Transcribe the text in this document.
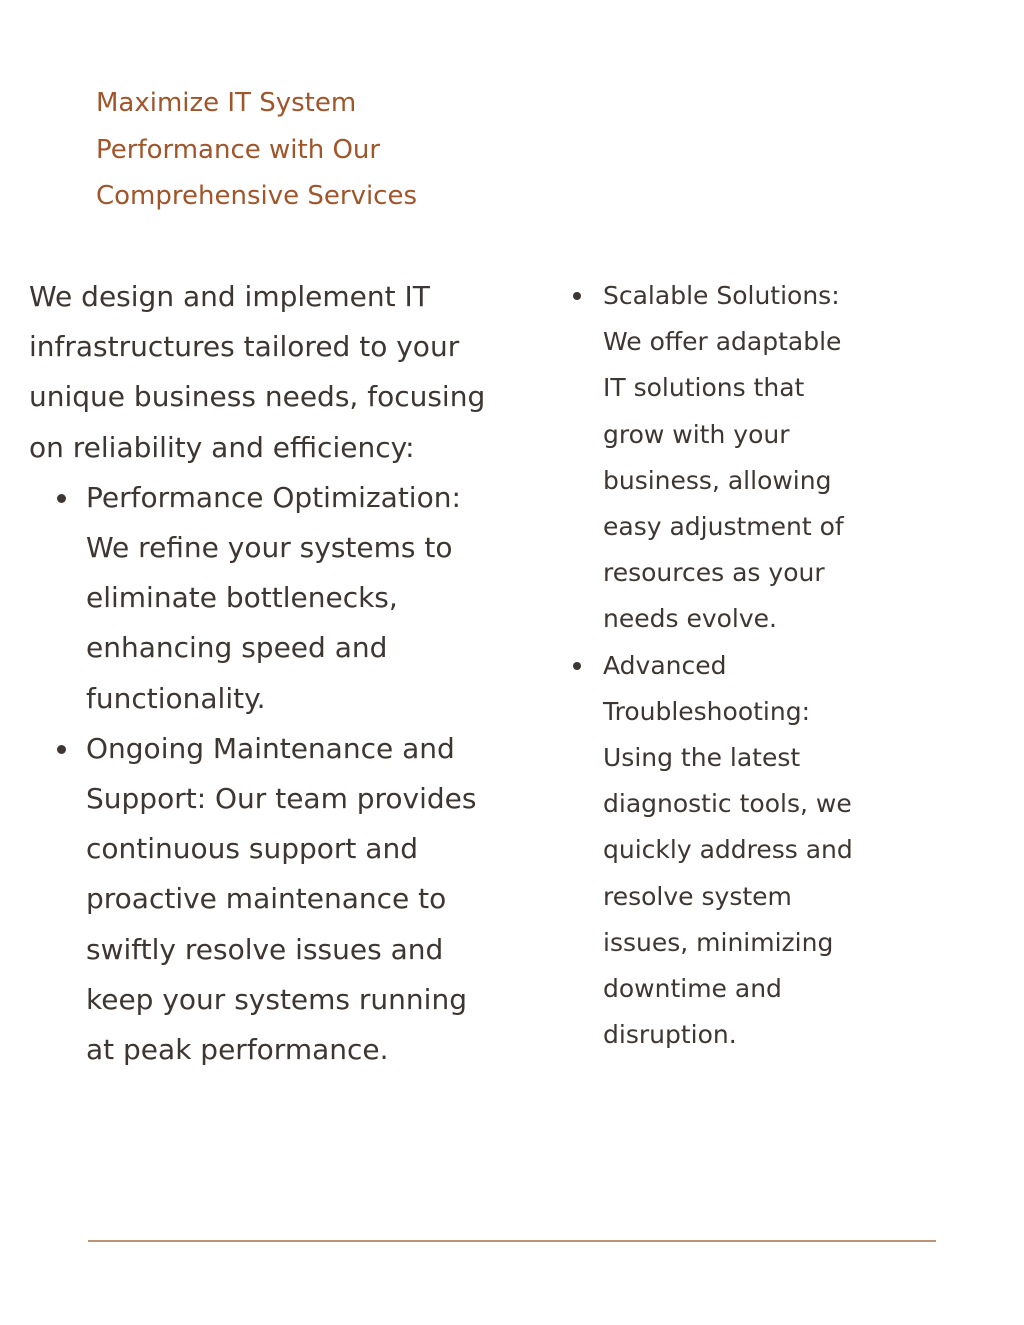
Maximize IT System
Performance with Our
Comprehensive Services

We design and implement IT
infrastructures tailored to your
unique business needs, focusing
on reliability and efficiency:

Performance Optimization:
We refine your systems to
eliminate bottlenecks,
enhancing speed and
functionality.
Ongoing Maintenance and
Support: Our team provides
continuous support and
proactive maintenance to
swiftly resolve issues and
keep your systems running
at peak performance.
Scalable Solutions:
We offer adaptable
IT solutions that
grow with your
business, allowing
easy adjustment of
resources as your
needs evolve.
Advanced
Troubleshooting:
Using the latest
diagnostic tools, we
quickly address and
resolve system
issues, minimizing
downtime and
disruption.
